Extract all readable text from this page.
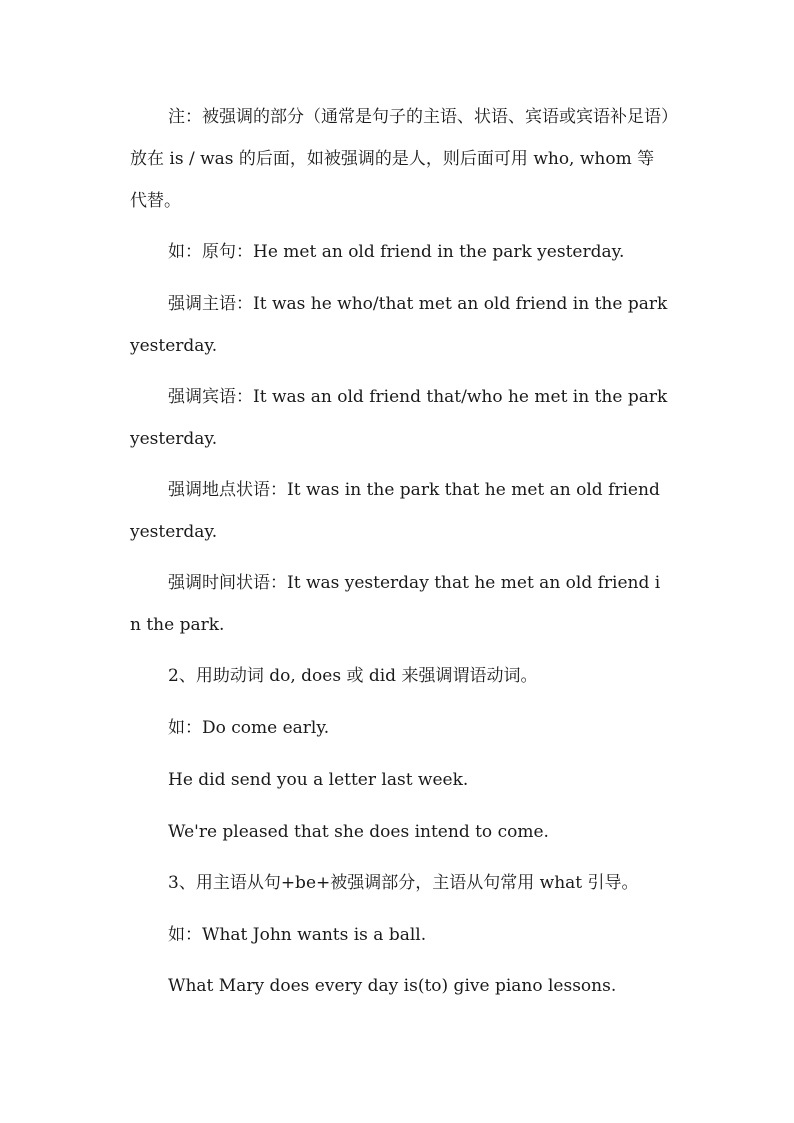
注：被强调的部分（通常是句子的主语、状语、宾语或宾语补足语）放在 is / was 的后面，如被强调的是人，则后面可用 who, whom 等代替。

如：原句：He met an old friend in the park yesterday.

强调主语：It was he who/that met an old friend in the park yesterday.

强调宾语：It was an old friend that/who he met in the park yesterday.

强调地点状语：It was in the park that he met an old friend yesterday.

强调时间状语：It was yesterday that he met an old friend in the park.

2、用助动词 do, does 或 did 来强调谓语动词。

如：Do come early.

He did send you a letter last week.

We're pleased that she does intend to come.

3、用主语从句+be+被强调部分，主语从句常用 what 引导。

如：What John wants is a ball.

What Mary does every day is(to) give piano lessons.
